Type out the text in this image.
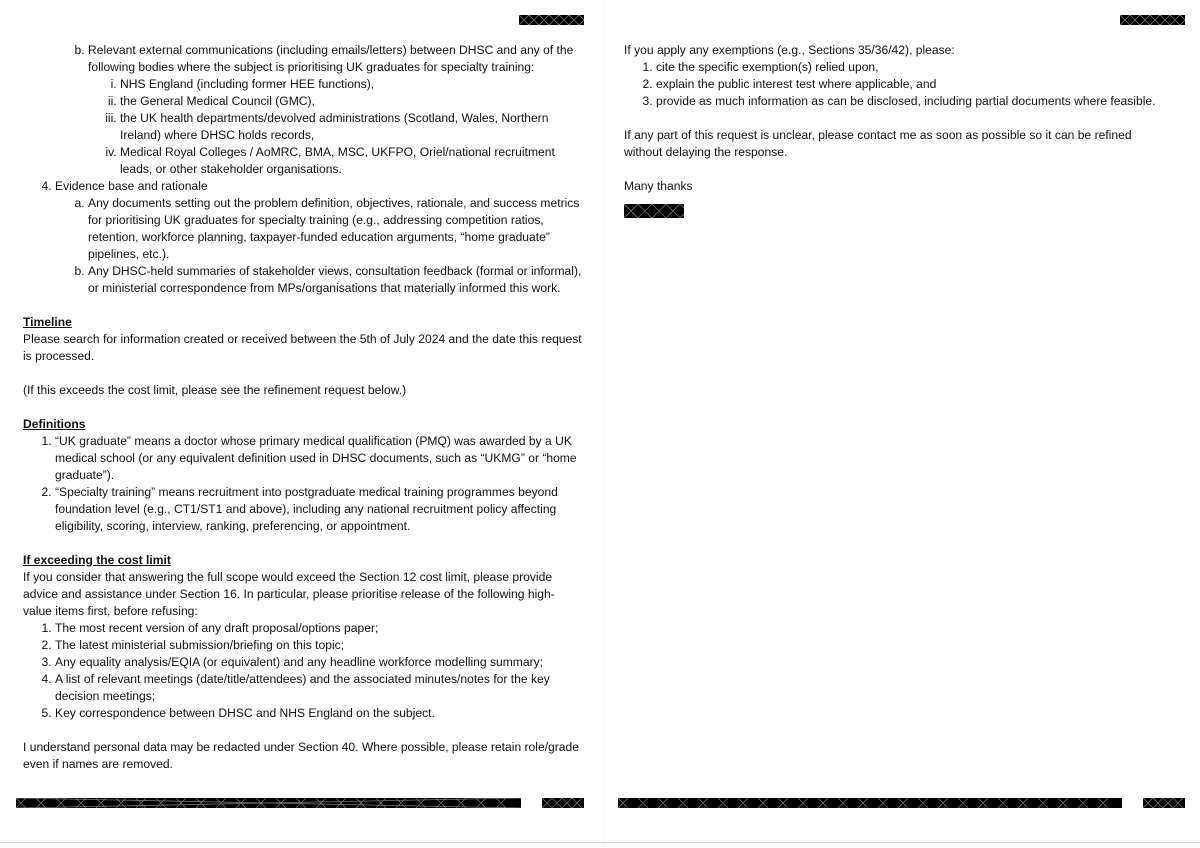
b. Relevant external communications (including emails/letters) between DHSC and any of the following bodies where the subject is prioritising UK graduates for specialty training:
i. NHS England (including former HEE functions),
ii. the General Medical Council (GMC),
iii. the UK health departments/devolved administrations (Scotland, Wales, Northern Ireland) where DHSC holds records,
iv. Medical Royal Colleges / AoMRC, BMA, MSC, UKFPO, Oriel/national recruitment leads, or other stakeholder organisations.
4. Evidence base and rationale
a. Any documents setting out the problem definition, objectives, rationale, and success metrics for prioritising UK graduates for specialty training (e.g., addressing competition ratios, retention, workforce planning, taxpayer-funded education arguments, “home graduate” pipelines, etc.).
b. Any DHSC-held summaries of stakeholder views, consultation feedback (formal or informal), or ministerial correspondence from MPs/organisations that materially informed this work.

Timeline

Please search for information created or received between the 5th of July 2024 and the date this request is processed.

(If this exceeds the cost limit, please see the refinement request below.)

Definitions

1. “UK graduate” means a doctor whose primary medical qualification (PMQ) was awarded by a UK medical school (or any equivalent definition used in DHSC documents, such as “UKMG” or “home graduate”).
2. “Specialty training” means recruitment into postgraduate medical training programmes beyond foundation level (e.g., CT1/ST1 and above), including any national recruitment policy affecting eligibility, scoring, interview, ranking, preferencing, or appointment.

If exceeding the cost limit

If you consider that answering the full scope would exceed the Section 12 cost limit, please provide advice and assistance under Section 16. In particular, please prioritise release of the following high-value items first, before refusing:

1. The most recent version of any draft proposal/options paper;
2. The latest ministerial submission/briefing on this topic;
3. Any equality analysis/EQIA (or equivalent) and any headline workforce modelling summary;
4. A list of relevant meetings (date/title/attendees) and the associated minutes/notes for the key decision meetings;
5. Key correspondence between DHSC and NHS England on the subject.

I understand personal data may be redacted under Section 40. Where possible, please retain role/grade even if names are removed.

If you apply any exemptions (e.g., Sections 35/36/42), please:

1. cite the specific exemption(s) relied upon,
2. explain the public interest test where applicable, and
3. provide as much information as can be disclosed, including partial documents where feasible.

If any part of this request is unclear, please contact me as soon as possible so it can be refined without delaying the response.

Many thanks
